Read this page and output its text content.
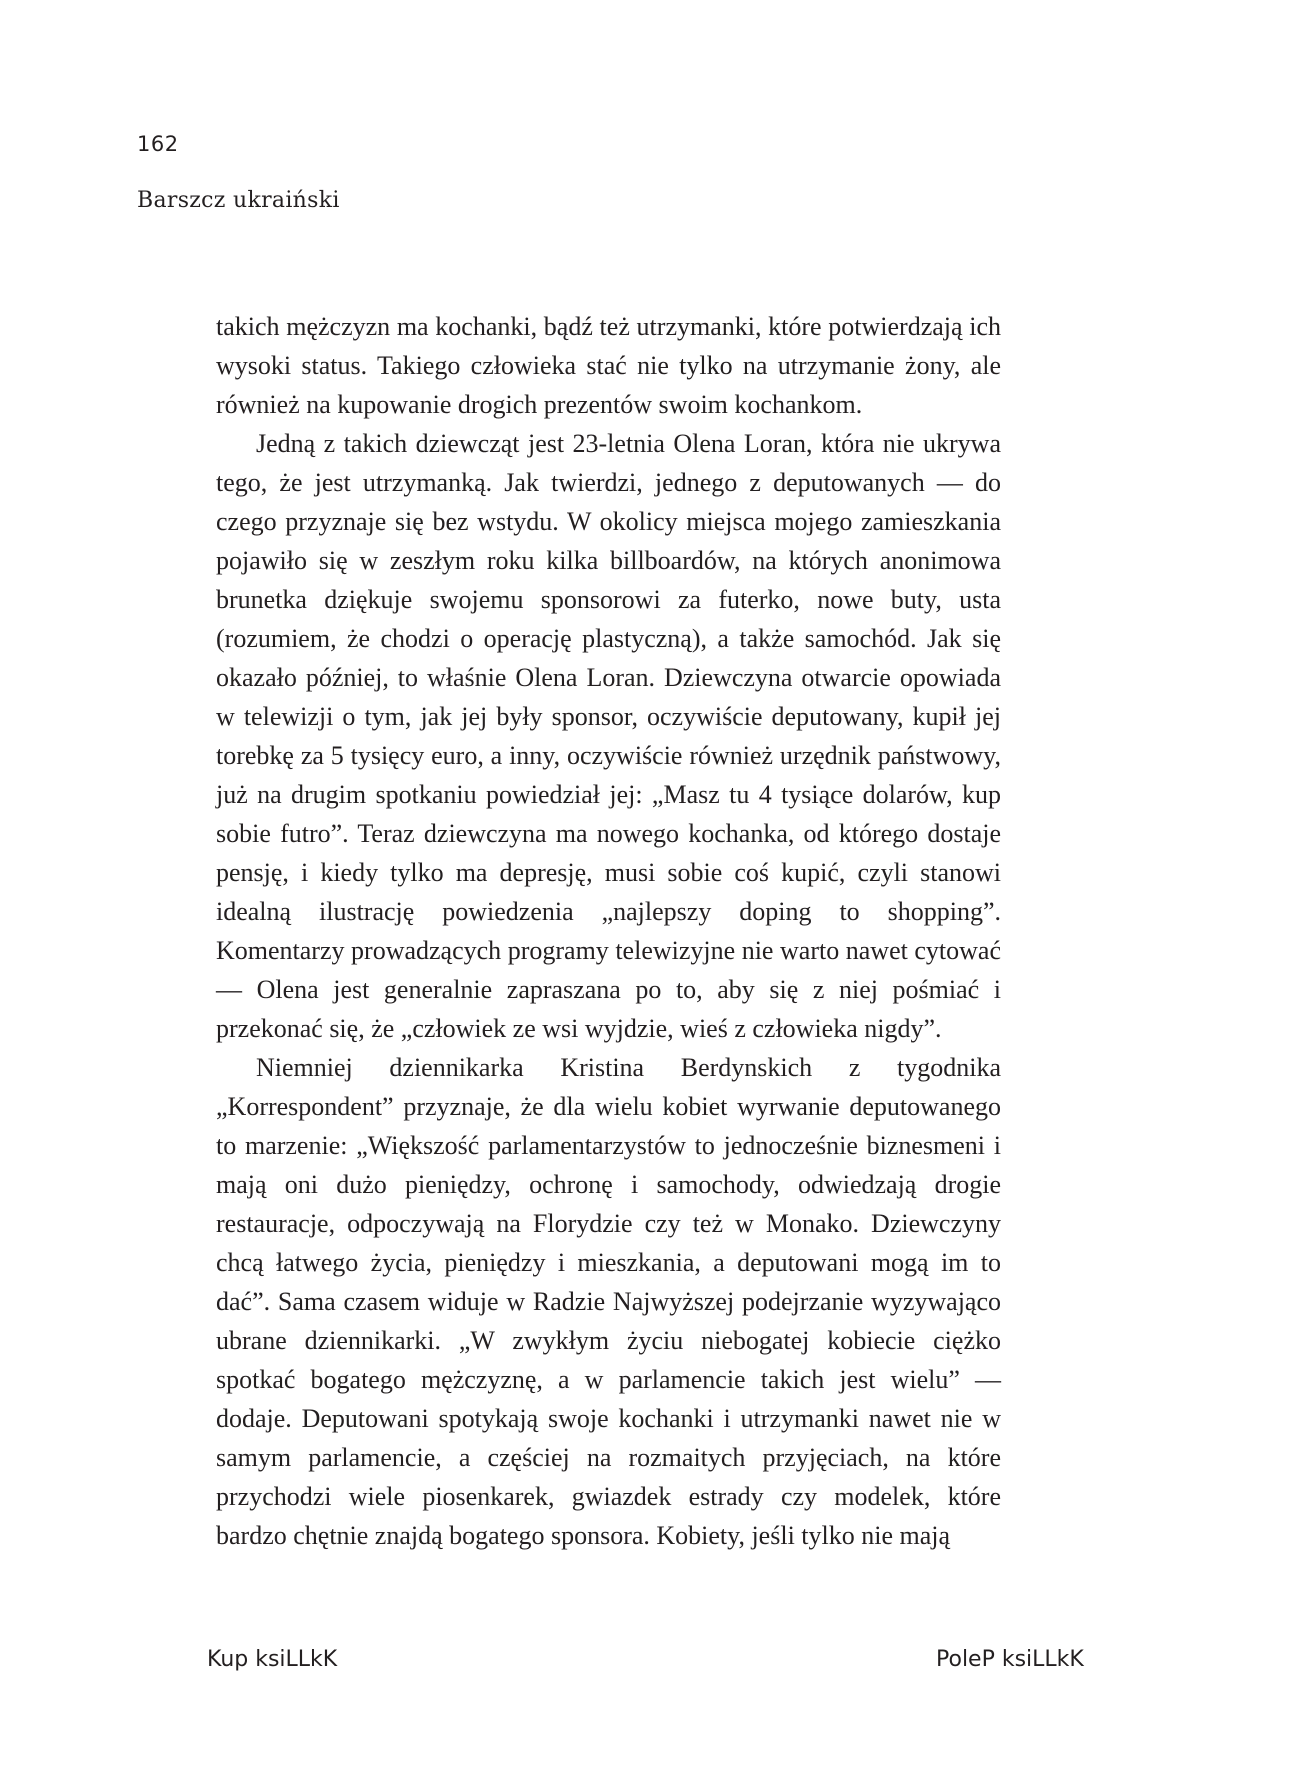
162
Barszcz ukraiński

takich mężczyzn ma kochanki, bądź też utrzymanki, które potwierdzają ich wysoki status. Takiego człowieka stać nie tylko na utrzymanie żony, ale również na kupowanie drogich prezentów swoim kochankom.

Jedną z takich dziewcząt jest 23-letnia Olena Loran, która nie ukrywa tego, że jest utrzymanką. Jak twierdzi, jednego z deputowanych — do czego przyznaje się bez wstydu. W okolicy miejsca mojego zamieszkania pojawiło się w zeszłym roku kilka billboardów, na których anonimowa brunetka dziękuje swojemu sponsorowi za futerko, nowe buty, usta (rozumiem, że chodzi o operację plastyczną), a także samochód. Jak się okazało później, to właśnie Olena Loran. Dziewczyna otwarcie opowiada w telewizji o tym, jak jej były sponsor, oczywiście deputowany, kupił jej torebkę za 5 tysięcy euro, a inny, oczywiście również urzędnik państwowy, już na drugim spotkaniu powiedział jej: „Masz tu 4 tysiące dolarów, kup sobie futro”. Teraz dziewczyna ma nowego kochanka, od którego dostaje pensję, i kiedy tylko ma depresję, musi sobie coś kupić, czyli stanowi idealną ilustrację powiedzenia „najlepszy doping to shopping”. Komentarzy prowadzących programy telewizyjne nie warto nawet cytować — Olena jest generalnie zapraszana po to, aby się z niej pośmiać i przekonać się, że „człowiek ze wsi wyjdzie, wieś z człowieka nigdy”.

Niemniej dziennikarka Kristina Berdynskich z tygodnika „Korrespondent” przyznaje, że dla wielu kobiet wyrwanie deputowanego to marzenie: „Większość parlamentarzystów to jednocześnie biznesmeni i mają oni dużo pieniędzy, ochronę i samochody, odwiedzają drogie restauracje, odpoczywają na Florydzie czy też w Monako. Dziewczyny chcą łatwego życia, pieniędzy i mieszkania, a deputowani mogą im to dać”. Sama czasem widuje w Radzie Najwyższej podejrzanie wyzywająco ubrane dziennikarki. „W zwykłym życiu niebogatej kobiecie ciężko spotkać bogatego mężczyznę, a w parlamencie takich jest wielu” — dodaje. Deputowani spotykają swoje kochanki i utrzymanki nawet nie w samym parlamencie, a częściej na rozmaitych przyjęciach, na które przychodzi wiele piosenkarek, gwiazdek estrady czy modelek, które bardzo chętnie znajdą bogatego sponsora. Kobiety, jeśli tylko nie mają

Kup ksiLLkK	PoleP ksiLLkK
